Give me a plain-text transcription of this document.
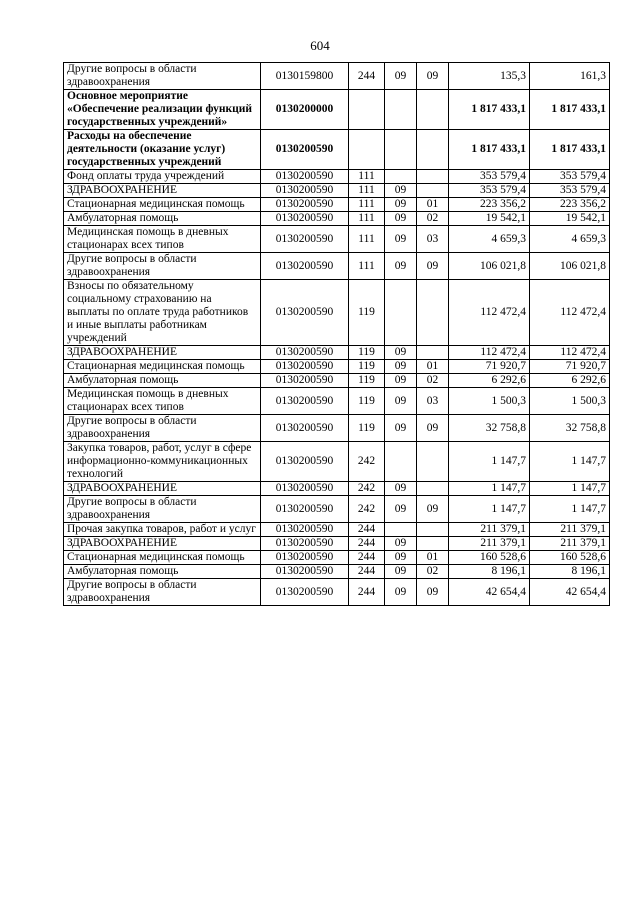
604
Другие вопросы в области здравоохранения	0130159800	244	09	09	135,3	161,3
Основное мероприятие «Обеспечение реализации функций государственных учреждений»	0130200000				1 817 433,1	1 817 433,1
Расходы на обеспечение деятельности (оказание услуг) государственных учреждений	0130200590				1 817 433,1	1 817 433,1
Фонд оплаты труда учреждений	0130200590	111			353 579,4	353 579,4
ЗДРАВООХРАНЕНИЕ	0130200590	111	09		353 579,4	353 579,4
Стационарная медицинская помощь	0130200590	111	09	01	223 356,2	223 356,2
Амбулаторная помощь	0130200590	111	09	02	19 542,1	19 542,1
Медицинская помощь в дневных стационарах всех типов	0130200590	111	09	03	4 659,3	4 659,3
Другие вопросы в области здравоохранения	0130200590	111	09	09	106 021,8	106 021,8
Взносы по обязательному социальному страхованию на выплаты по оплате труда работников и иные выплаты работникам учреждений	0130200590	119			112 472,4	112 472,4
ЗДРАВООХРАНЕНИЕ	0130200590	119	09		112 472,4	112 472,4
Стационарная медицинская помощь	0130200590	119	09	01	71 920,7	71 920,7
Амбулаторная помощь	0130200590	119	09	02	6 292,6	6 292,6
Медицинская помощь в дневных стационарах всех типов	0130200590	119	09	03	1 500,3	1 500,3
Другие вопросы в области здравоохранения	0130200590	119	09	09	32 758,8	32 758,8
Закупка товаров, работ, услуг в сфере информационно-коммуникационных технологий	0130200590	242			1 147,7	1 147,7
ЗДРАВООХРАНЕНИЕ	0130200590	242	09		1 147,7	1 147,7
Другие вопросы в области здравоохранения	0130200590	242	09	09	1 147,7	1 147,7
Прочая закупка товаров, работ и услуг	0130200590	244			211 379,1	211 379,1
ЗДРАВООХРАНЕНИЕ	0130200590	244	09		211 379,1	211 379,1
Стационарная медицинская помощь	0130200590	244	09	01	160 528,6	160 528,6
Амбулаторная помощь	0130200590	244	09	02	8 196,1	8 196,1
Другие вопросы в области здравоохранения	0130200590	244	09	09	42 654,4	42 654,4
